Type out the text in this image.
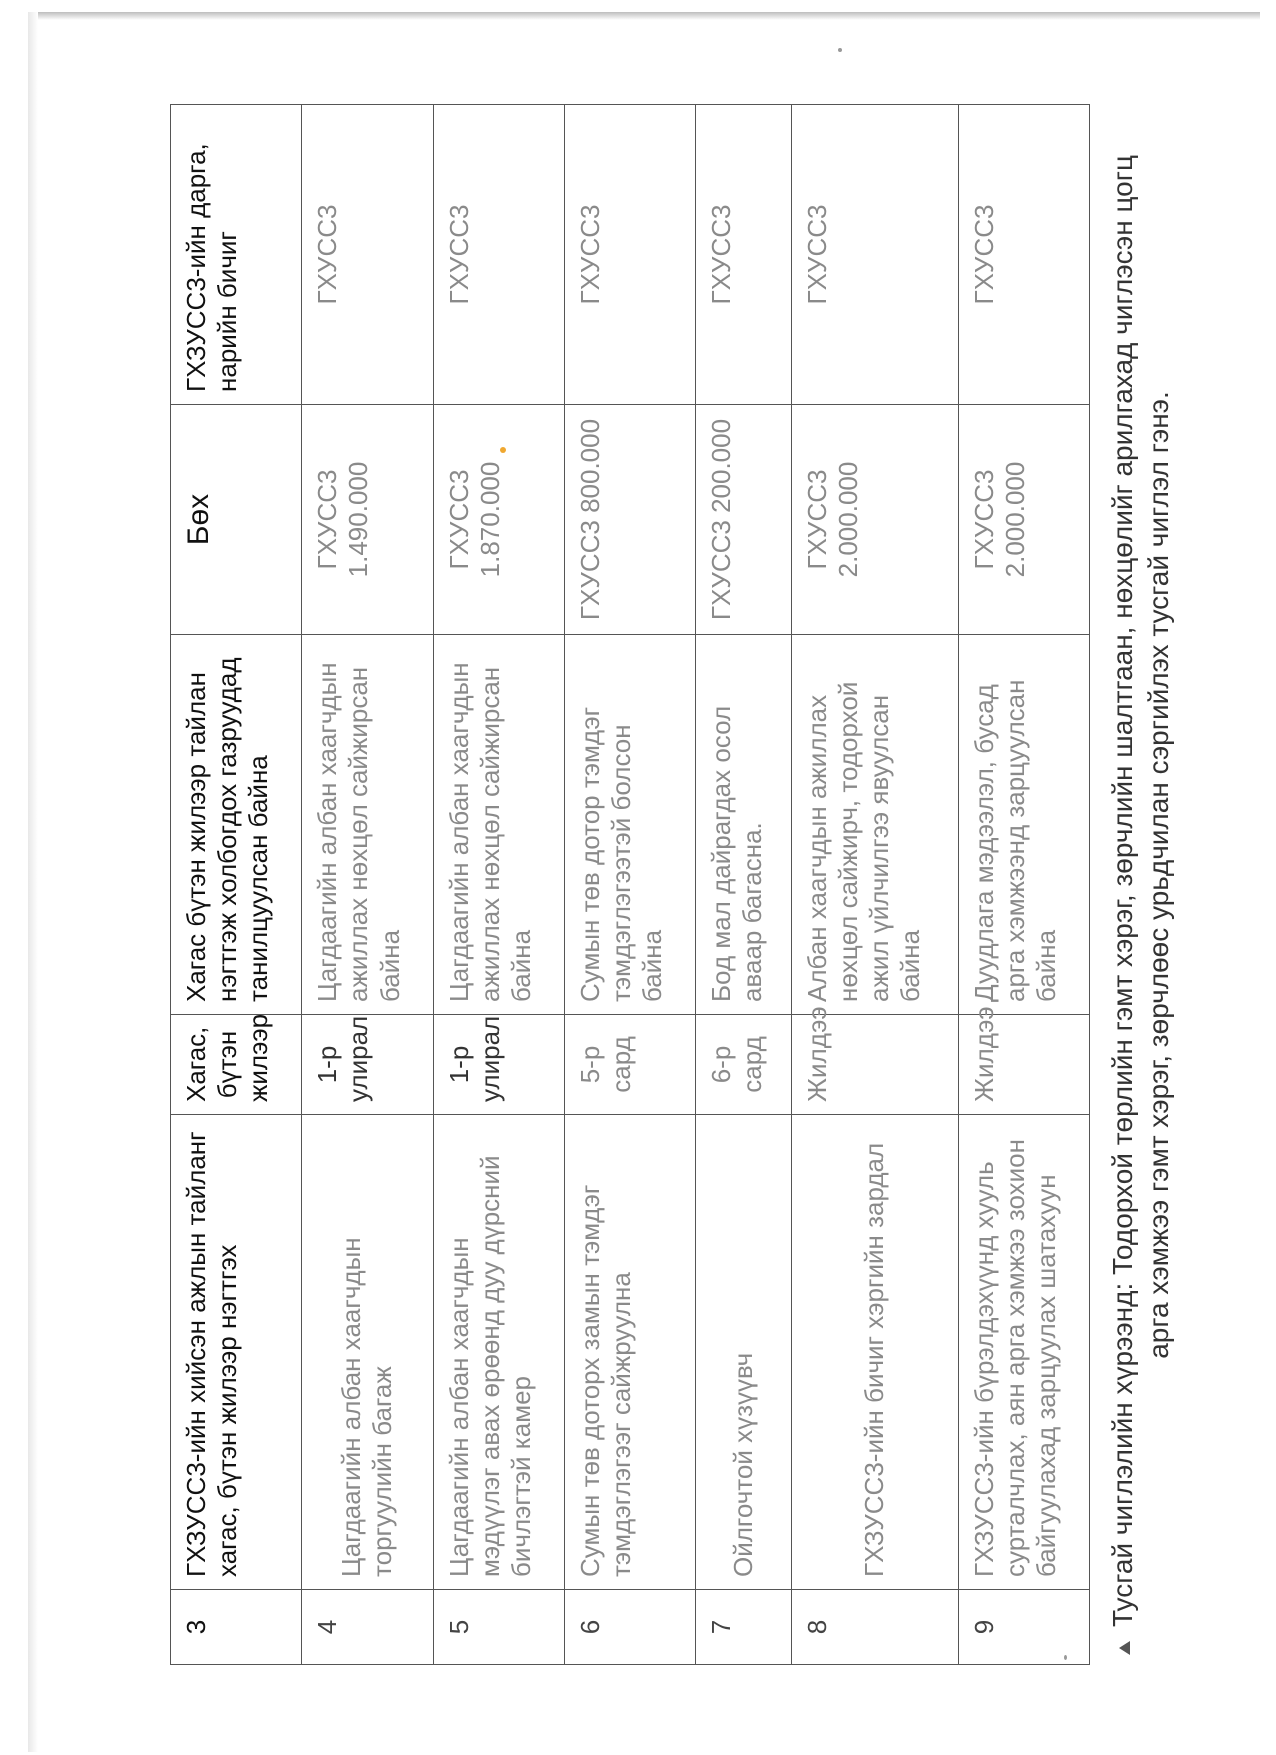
3	ГХЗУСС3-ийн хийсэн ажлын тайланг хагас, бүтэн жилээр нэгтгэх	Хагас, бүтэн жилээр	Хагас бүтэн жилээр тайлан нэгтгэж холбогдох газруудад танилцуулсан байна	Бөх	ГХЗУСС3-ийн дарга, нарийн бичиг
4	Цагдаагийн албан хаагчдын торгуулийн багаж	1-р улирал	Цагдаагийн албан хаагчдын ажиллах нөхцөл сайжирсан байна	ГХУСС3 1.490.000	ГХУСС3
5	Цагдаагийн албан хаагчдын мэдүүлэг авах өрөөнд дуу дүрсний бичлэгтэй камер	1-р улирал	Цагдаагийн албан хаагчдын ажиллах нөхцөл сайжирсан байна	ГХУСС3 1.870.000	ГХУСС3
6	Сумын төв доторх замын тэмдэг тэмдэглэгээг сайжруулна	5-р сард	Сумын төв дотор тэмдэг тэмдэглэгээтэй болсон байна	ГХУСС3 800.000	ГХУСС3
7	Ойлгочтой хүзүүвч	6-р сард	Бод мал дайрагдах осол аваар багасна.	ГХУСС3 200.000	ГХУСС3
8	ГХЗУСС3-ийн бичиг хэргийн зардал	Жилдээ	Албан хаагчдын ажиллах нөхцөл сайжирч, тодорхой ажил үйлчилгээ явуулсан байна	ГХУСС3 2.000.000	ГХУСС3
9	ГХЗУСС3-ийн бүрэлдэхүүнд хууль сурталчлах, аян арга хэмжээ зохион байгуулахад зарцуулах шатахуун	Жилдээ	Дуудлага мэдээлэл, бусад арга хэмжээнд зарцуулсан байна	ГХУСС3 2.000.000	ГХУСС3	Тусгай чиглэлийн хүрээнд: Тодорхой төрлийн гэмт хэрэг, зөрчлийн шалтгаан, нөхцөлийг арилгахад чиглэсэн цогц арга хэмжээ гэмт хэрэг, зөрчлөөс урьдчилан сэргийлэх тусгай чиглэл гэнэ.
